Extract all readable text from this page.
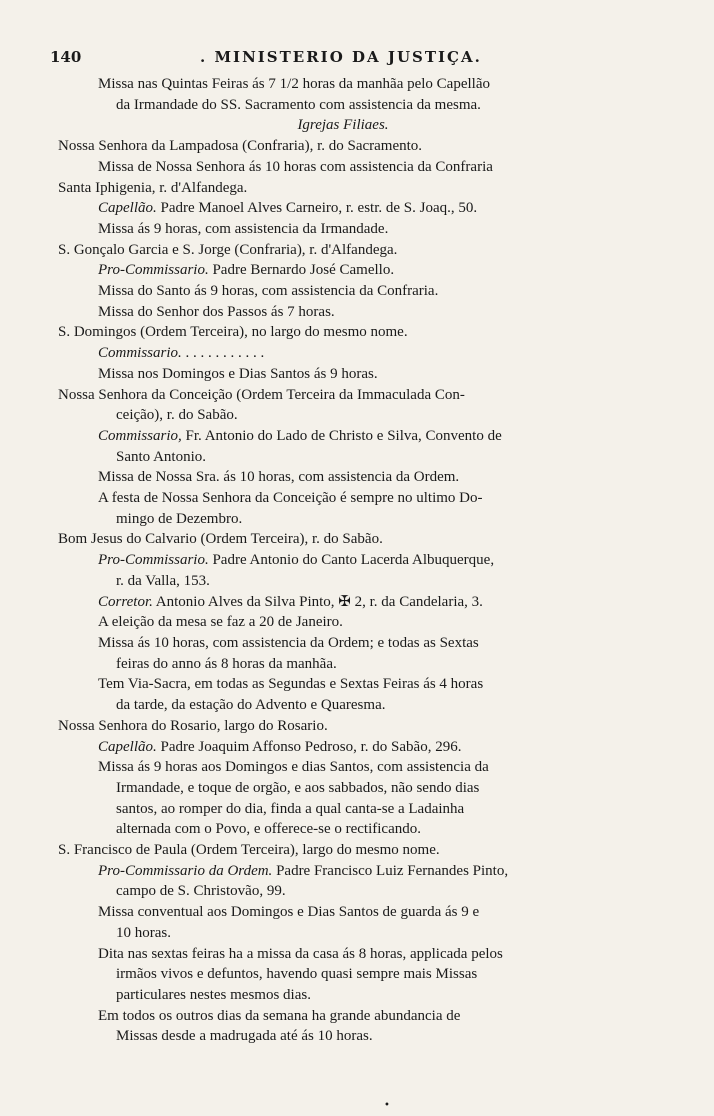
140	. MINISTERIO DA JUSTIÇA.
Missa nas Quintas Feiras ás 7 1/2 horas da manhãa pelo Capellão
da Irmandade do SS. Sacramento com assistencia da mesma.
Igrejas Filiaes.
Nossa Senhora da Lampadosa (Confraria), r. do Sacramento.
Missa de Nossa Senhora ás 10 horas com assistencia da Confraria
Santa Iphigenia, r. d'Alfandega.
Capellão. Padre Manoel Alves Carneiro, r. estr. de S. Joaq., 50.
Missa ás 9 horas, com assistencia da Irmandade.
S. Gonçalo Garcia e S. Jorge (Confraria), r. d'Alfandega.
Pro-Commissario. Padre Bernardo José Camello.
Missa do Santo ás 9 horas, com assistencia da Confraria.
Missa do Senhor dos Passos ás 7 horas.
S. Domingos (Ordem Terceira), no largo do mesmo nome.
Commissario. . . . . . . . . . . .
Missa nos Domingos e Dias Santos ás 9 horas.
Nossa Senhora da Conceição (Ordem Terceira da Immaculada Con-
ceição), r. do Sabão.
Commissario, Fr. Antonio do Lado de Christo e Silva, Convento de
Santo Antonio.
Missa de Nossa Sra. ás 10 horas, com assistencia da Ordem.
A festa de Nossa Senhora da Conceição é sempre no ultimo Do-
mingo de Dezembro.
Bom Jesus do Calvario (Ordem Terceira), r. do Sabão.
Pro-Commissario. Padre Antonio do Canto Lacerda Albuquerque,
r. da Valla, 153.
Corretor. Antonio Alves da Silva Pinto, ✠ 2, r. da Candelaria, 3.
A eleição da mesa se faz a 20 de Janeiro.
Missa ás 10 horas, com assistencia da Ordem; e todas as Sextas
feiras do anno ás 8 horas da manhãa.
Tem Via-Sacra, em todas as Segundas e Sextas Feiras ás 4 horas
da tarde, da estação do Advento e Quaresma.
Nossa Senhora do Rosario, largo do Rosario.
Capellão. Padre Joaquim Affonso Pedroso, r. do Sabão, 296.
Missa ás 9 horas aos Domingos e dias Santos, com assistencia da
Irmandade, e toque de orgão, e aos sabbados, não sendo dias
santos, ao romper do dia, finda a qual canta-se a Ladainha
alternada com o Povo, e offerece-se o rectificando.
S. Francisco de Paula (Ordem Terceira), largo do mesmo nome.
Pro-Commissario da Ordem. Padre Francisco Luiz Fernandes Pinto,
campo de S. Christovão, 99.
Missa conventual aos Domingos e Dias Santos de guarda ás 9 e
10 horas.
Dita nas sextas feiras ha a missa da casa ás 8 horas, applicada pelos
irmãos vivos e defuntos, havendo quasi sempre mais Missas
particulares nestes mesmos dias.
Em todos os outros dias da semana ha grande abundancia de
Missas desde a madrugada até ás 10 horas.
•
